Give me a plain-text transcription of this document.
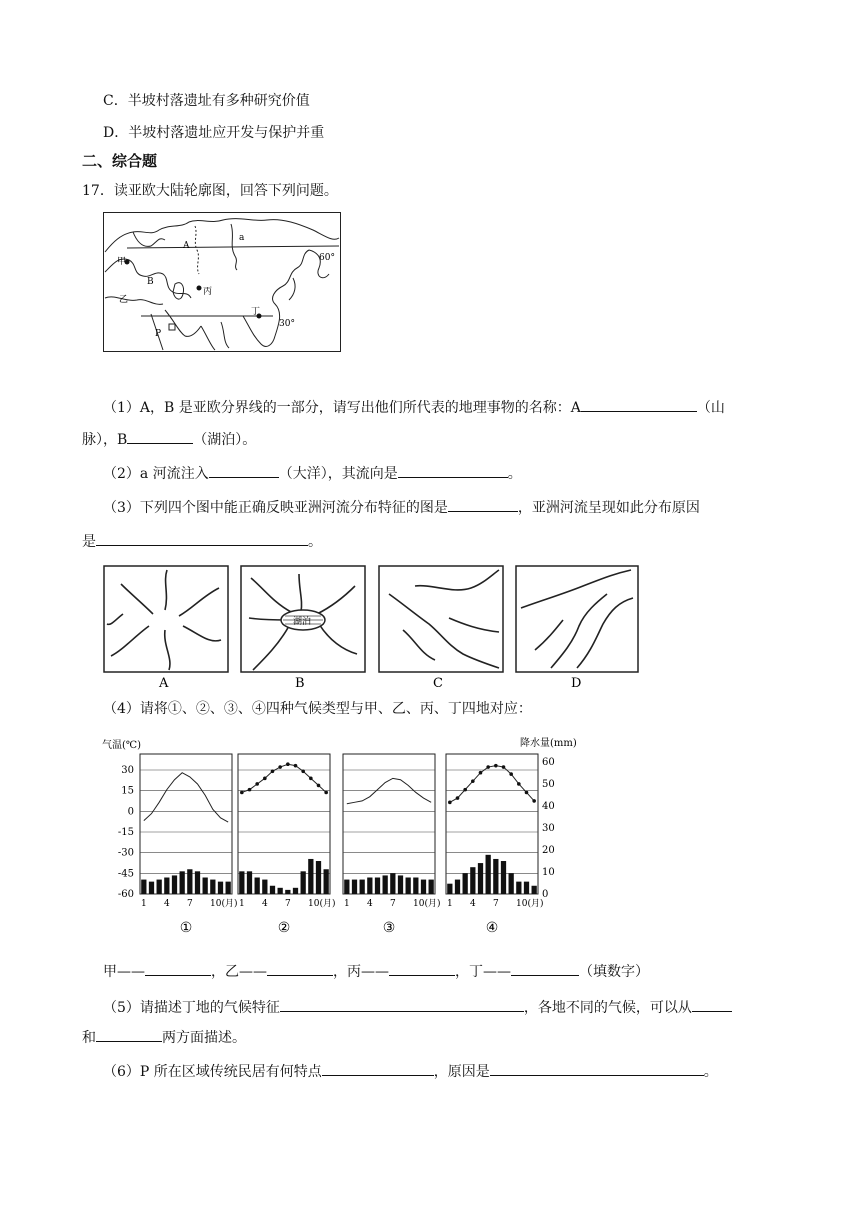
C．半坡村落遗址有多种研究价值
D．半坡村落遗址应开发与保护并重
二、综合题
17．读亚欧大陆轮廓图，回答下列问题。
A
a
甲
B
丙
乙
丁
P
60°
30°
（1）A，B 是亚欧分界线的一部分，请写出他们所代表的地理事物的名称：A	（山
脉），B	（湖泊）。
（2）a 河流注入	（大洋），其流向是	。
（3）下列四个图中能正确反映亚洲河流分布特征的图是	，亚洲河流呈现如此分布原因
是	。
湖泊
A	B	C	D
（4）请将①、②、③、④四种气候类型与甲、乙、丙、丁四地对应：
气温(℃)	降水量(mm)
30
15
0
-15
-30
-45
-60
60
50
40
30
20
10
0
1 4 7 10(月)
①
1 4 7 10(月)
②
1 4 7 10(月)
③
1 4 7 10(月)
④
甲——	，乙——	，丙——	，丁——	（填数字）
（5）请描述丁地的气候特征	，各地不同的气候，可以从
和	两方面描述。
（6）P 所在区域传统民居有何特点	，原因是	。
